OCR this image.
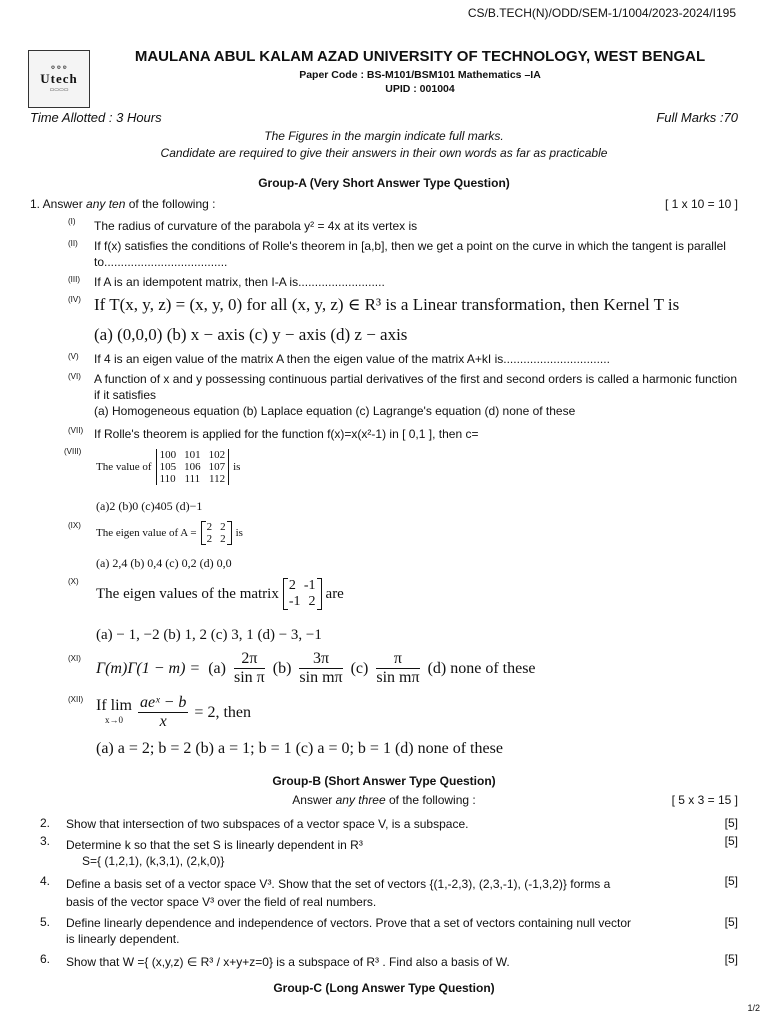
CS/B.TECH(N)/ODD/SEM-1/1004/2023-2024/I195
⚙ ⚙ ⚙
Utech
▭▭▭▭
MAULANA ABUL KALAM AZAD UNIVERSITY OF TECHNOLOGY, WEST BENGAL
Paper Code : BS-M101/BSM101 Mathematics –IA
UPID : 001004
Time Allotted : 3 Hours	Full Marks :70
The Figures in the margin indicate full marks.
Candidate are required to give their answers in their own words as far as practicable
Group-A (Very Short Answer Type Question)
1. Answer any ten of the following :	[ 1 x 10 = 10 ]
(I) The radius of curvature of the parabola y² = 4x at its vertex is
(II) If f(x) satisfies the conditions of Rolle's theorem in [a,b], then we get a point on the curve in which the tangent is parallel to.....................................
(III) If A is an idempotent matrix, then I-A is..........................
(IV) If T(x, y, z) = (x, y, 0) for all (x, y, z) ∈ R³ is a Linear transformation, then Kernel T is
(a) (0,0,0) (b) x − axis (c) y − axis (d) z − axis
(V) If 4 is an eigen value of the matrix A then the eigen value of the matrix A+kI is................................
(VI) A function of x and y possessing continuous partial derivatives of the first and second orders is called a harmonic function if it satisfies
(a) Homogeneous equation (b) Laplace equation (c) Lagrange's equation (d) none of these
(VII) If Rolle's theorem is applied for the function f(x)=x(x²-1) in [ 0,1 ], then c=
(VIII)
The value of
100 101 102
105 106 107
110 111 112
is
(a)2 (b)0 (c)405 (d)−1
(IX)
The eigen value of A = 2 2
2 2 is
(a) 2,4 (b) 0,4 (c) 0,2 (d) 0,0
(X)
The eigen values of the matrix 2 -1
-1 2 are
(a) − 1, −2 (b) 1, 2 (c) 3, 1 (d) − 3, −1
(XI)
$\Gamma(m)\Gamma(1 - m) = (a) \frac{2\pi}{\text{sin π}} (b) \frac{3\pi}{\text{sin mπ}} (c) \frac{\pi}{\text{sin mπ}} (d)$ none of these
(XII) If lim
$x\to 0 \frac{\text{aeˣ − b}}{x} = 2$, then
(a) a = 2; b = 2 (b) a = 1; b = 1 (c) a = 0; b = 1 (d) none of these
Group-B (Short Answer Type Question)
Answer any three of the following :	[ 5 x 3 = 15 ]
2. Show that intersection of two subspaces of a vector space V, is a subspace.	[5]
3. Determine k so that the set S is linearly dependent in R³
S={ (1,2,1), (k,3,1), (2,k,0)}
[5]
4. Define a basis set of a vector space V³. Show that the set of vectors {(1,-2,3), (2,3,-1), (-1,3,2)} forms a
basis of the vector space V³ over the field of real numbers.
[5]
5. Define linearly dependence and independence of vectors. Prove that a set of vectors containing null vector
is linearly dependent.
[5]
6. Show that W ={ (x,y,z) ∈ R³ / x+y+z=0} is a subspace of R³ . Find also a basis of W.	[5]
Group-C (Long Answer Type Question)
1/2
